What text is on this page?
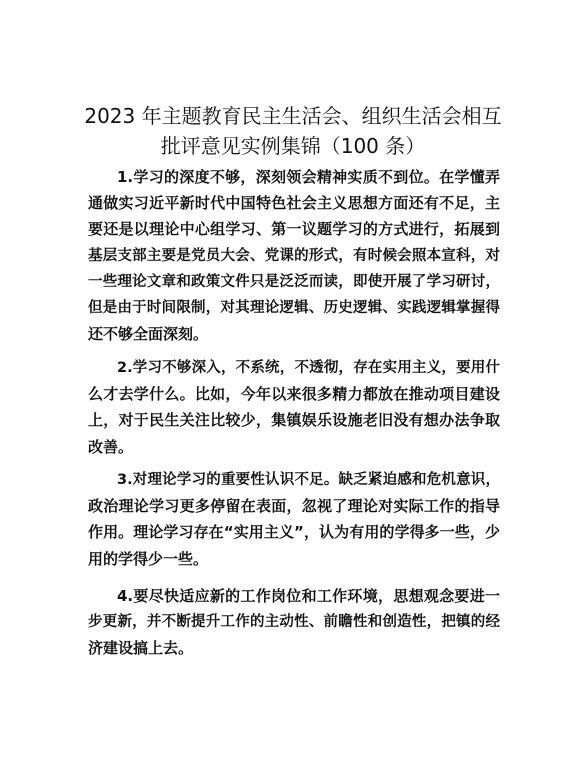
2023 年主题教育民主生活会、组织生活会相互
批评意见实例集锦（100 条）
1.学习的深度不够，深刻领会精神实质不到位。在学懂弄
通做实习近平新时代中国特色社会主义思想方面还有不足，主
要还是以理论中心组学习、第一议题学习的方式进行，拓展到
基层支部主要是党员大会、党课的形式，有时候会照本宣科，对
一些理论文章和政策文件只是泛泛而读，即使开展了学习研讨，
但是由于时间限制，对其理论逻辑、历史逻辑、实践逻辑掌握得
还不够全面深刻。
2.学习不够深入，不系统，不透彻，存在实用主义，要用什
么才去学什么。比如，今年以来很多精力都放在推动项目建设
上，对于民生关注比较少，集镇娱乐设施老旧没有想办法争取
改善。
3.对理论学习的重要性认识不足。缺乏紧迫感和危机意识，
政治理论学习更多停留在表面，忽视了理论对实际工作的指导
作用。理论学习存在“实用主义”，认为有用的学得多一些，少
用的学得少一些。
4.要尽快适应新的工作岗位和工作环境，思想观念要进一
步更新，并不断提升工作的主动性、前瞻性和创造性，把镇的经
济建设搞上去。
